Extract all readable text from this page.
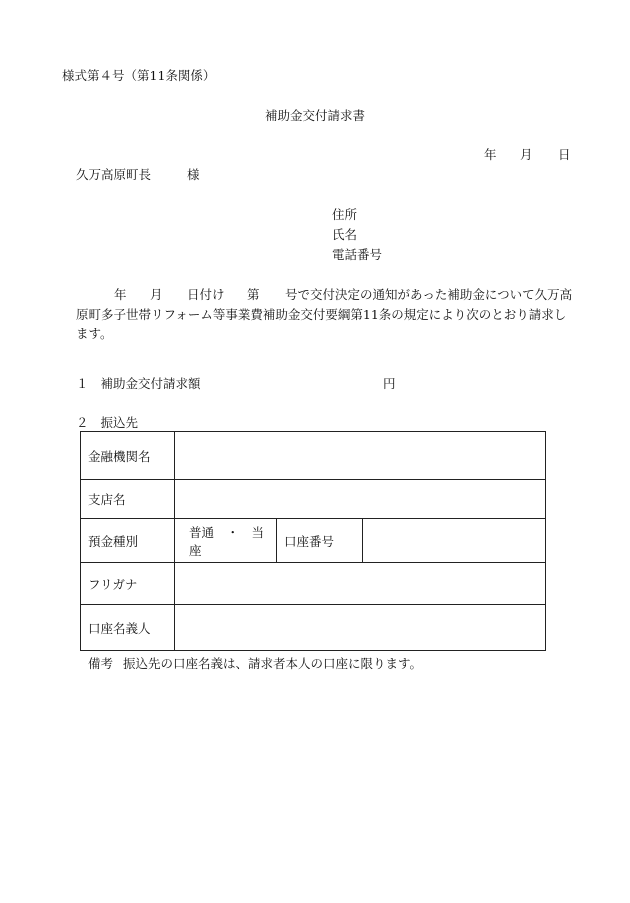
様式第４号（第11条関係）
補助金交付請求書
年 月 日
久万高原町長	様
住所
氏名
電話番号
年 月 日付け 第 号で交付決定の通知があった補助金について久万高原町多子世帯リフォーム等事業費補助金交付要綱第11条の規定により次のとおり請求します。
１ 補助金交付請求額	円
２ 振込先
金融機関名			
支店名			
預金種別	普通　・　当座	口座番号	
フリガナ			
口座名義人			
備考 振込先の口座名義は、請求者本人の口座に限ります。
